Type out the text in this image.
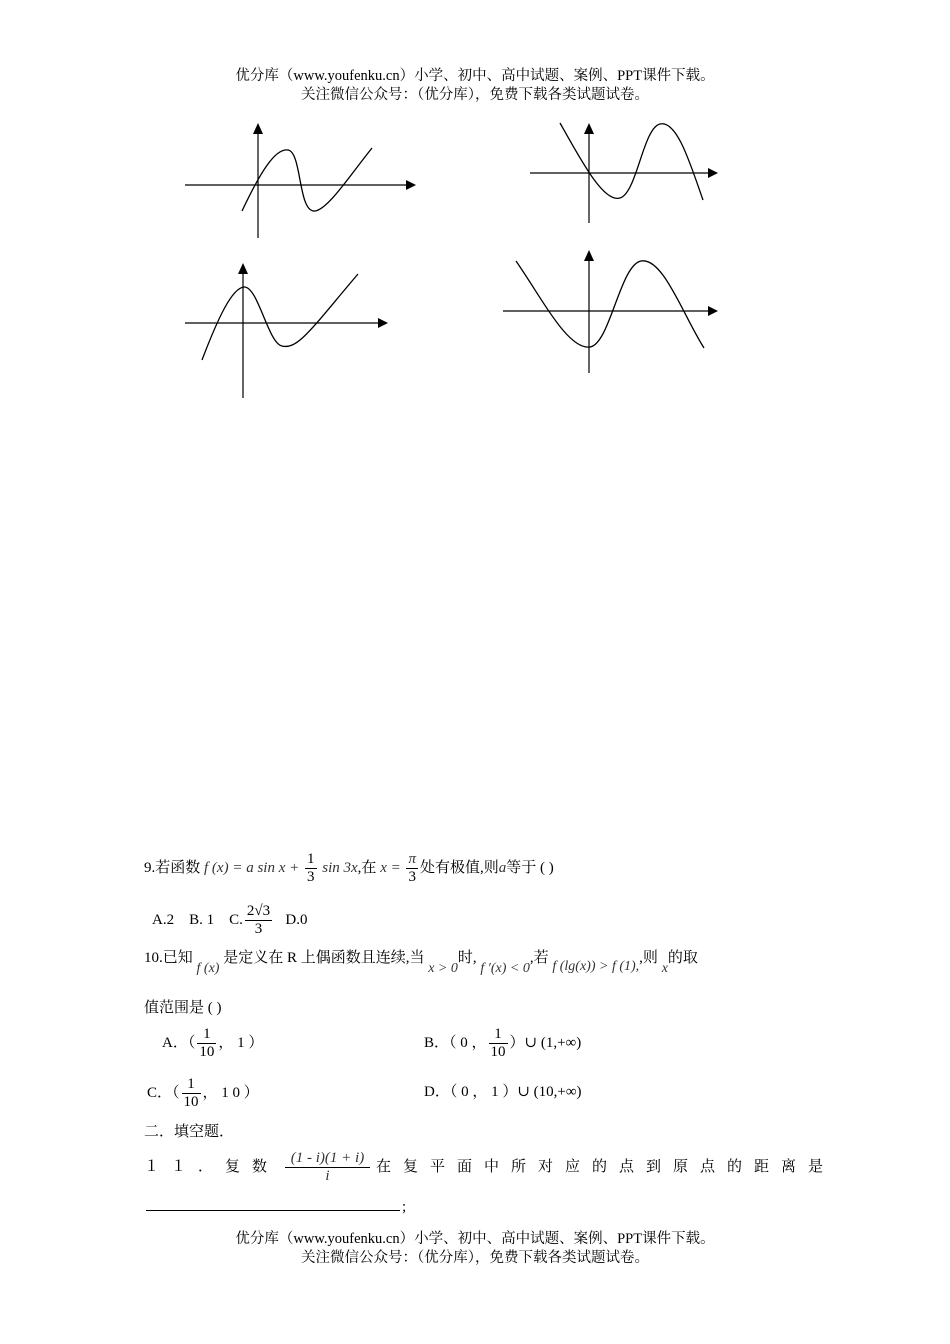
优分库（www.youfenku.cn）小学、初中、高中试题、案例、PPT课件下载。
关注微信公众号：（优分库），免费下载各类试题试卷。
9.若函数 f (x) = a $\sin x + \frac{1}{3}$ sin 3x,在 $x = \frac{\pi}{3}$ 处有极值,则a等于 ( )
A.2 B. 1 C. $\frac{2√3}{3} D.0$
10.已知 f (x) 是定义在 R 上偶函数且连续,当 x > 0时, f ′(x) < 0,若 f (lg(x)) > f (1),,则 x的取
值范围是 ( )
A．（ $\frac{1}{10}$ ， 1 ）	B．（ 0 ， $\frac{1}{10}$ ）∪ (1,+∞)
C．（ $\frac{1}{10}$ ， 1 0 ）	D．（ 0 ， 1 ）∪ (10,+∞)
二．填空题．
１１．复数 $\frac{(1 - i)(1 + i)}{i}$ 在复平面中所对应的点到原点的距离是
;
优分库（www.youfenku.cn）小学、初中、高中试题、案例、PPT课件下载。
关注微信公众号：（优分库），免费下载各类试题试卷。
